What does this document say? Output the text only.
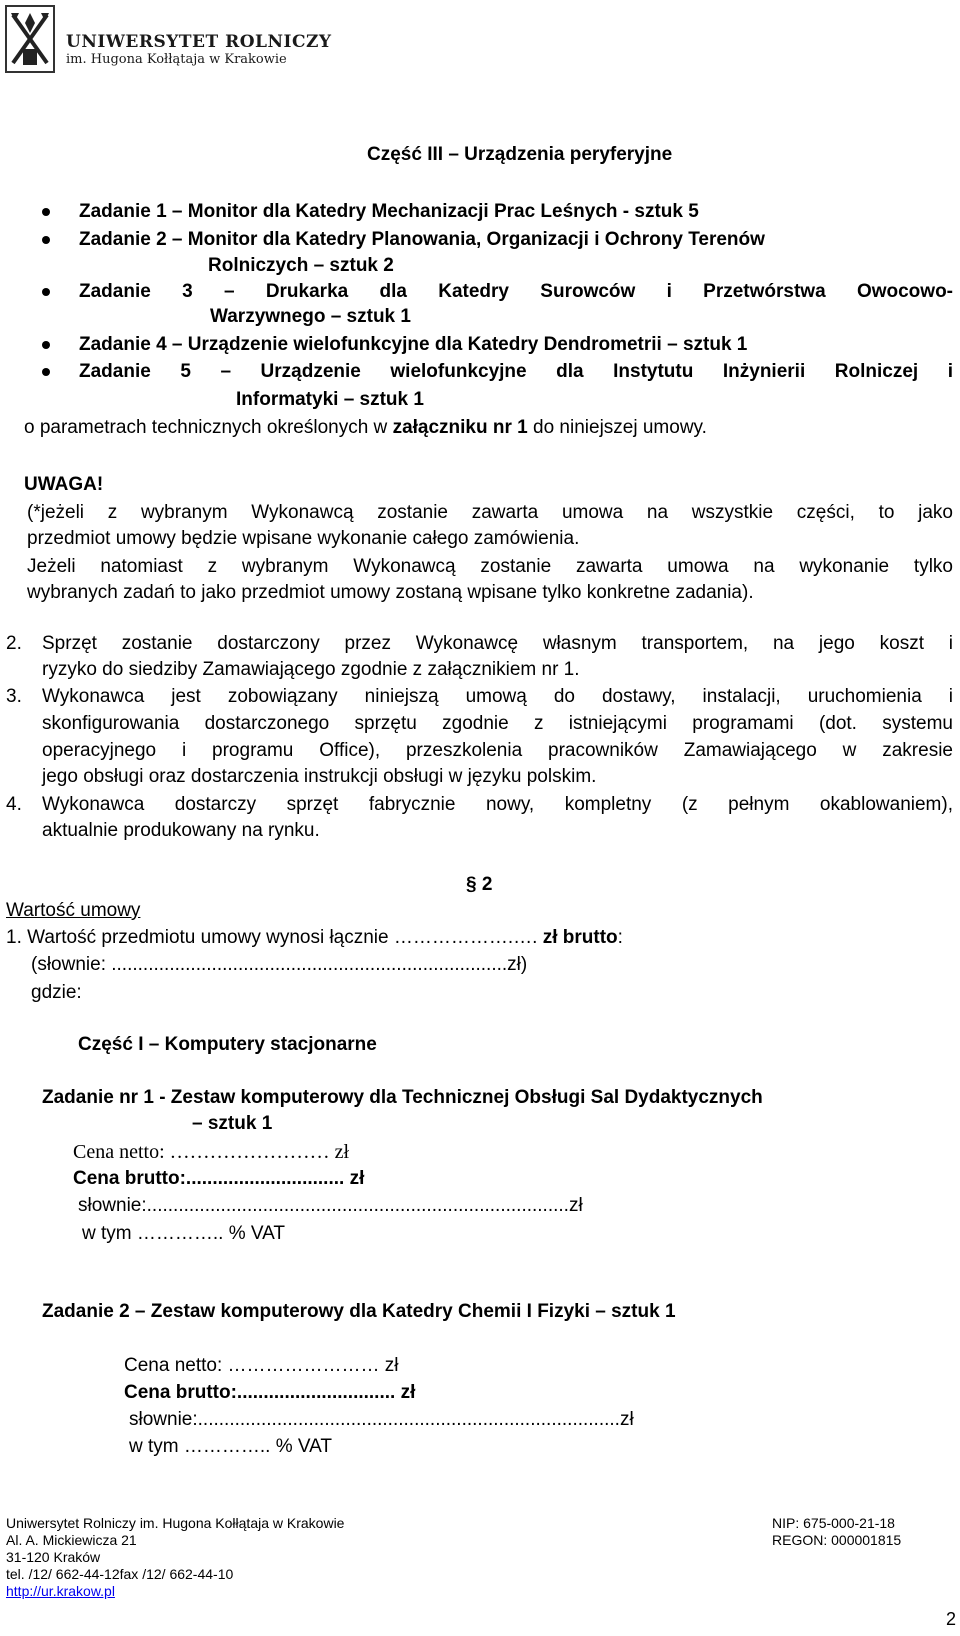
UNIWERSYTET ROLNICZY
im. Hugona Kołłątaja w Krakowie
Część III – Urządzenia peryferyjne
Zadanie 1 – Monitor dla Katedry Mechanizacji Prac Leśnych - sztuk 5
Zadanie 2 – Monitor dla Katedry Planowania, Organizacji i Ochrony Terenów
Rolniczych – sztuk 2
Zadanie 3 – Drukarka dla Katedry Surowców i Przetwórstwa Owocowo-
Warzywnego – sztuk 1
Zadanie 4 – Urządzenie wielofunkcyjne dla Katedry Dendrometrii – sztuk 1
Zadanie 5 – Urządzenie wielofunkcyjne dla Instytutu Inżynierii Rolniczej i
Informatyki – sztuk 1
o parametrach technicznych określonych w załączniku nr 1 do niniejszej umowy.
UWAGA!
(*jeżeli z wybranym Wykonawcą zostanie zawarta umowa na wszystkie części, to jako
przedmiot umowy będzie wpisane wykonanie całego zamówienia.
Jeżeli natomiast z wybranym Wykonawcą zostanie zawarta umowa na wykonanie tylko
wybranych zadań to jako przedmiot umowy zostaną wpisane tylko konkretne zadania).
2. Sprzęt zostanie dostarczony przez Wykonawcę własnym transportem, na jego koszt i
ryzyko do siedziby Zamawiającego zgodnie z załącznikiem nr 1.
3. Wykonawca jest zobowiązany niniejszą umową do dostawy, instalacji, uruchomienia i
skonfigurowania dostarczonego sprzętu zgodnie z istniejącymi programami (dot. systemu
operacyjnego i programu Office), przeszkolenia pracowników Zamawiającego w zakresie
jego obsługi oraz dostarczenia instrukcji obsługi w języku polskim.
4. Wykonawca dostarczy sprzęt fabrycznie nowy, kompletny (z pełnym okablowaniem),
aktualnie produkowany na rynku.
§ 2
Wartość umowy
1. Wartość przedmiotu umowy wynosi łącznie ……………….…. zł brutto:
(słownie: ...........................................................................zł)
gdzie:
Część I – Komputery stacjonarne
Zadanie nr 1 - Zestaw komputerowy dla Technicznej Obsługi Sal Dydaktycznych
– sztuk 1
Cena netto: …………………… zł
Cena brutto:.............................. zł
słownie:................................................................................zł
w tym ………….. % VAT
Zadanie 2 – Zestaw komputerowy dla Katedry Chemii I Fizyki – sztuk 1
Cena netto: …………………… zł
Cena brutto:.............................. zł
słownie:................................................................................zł
w tym ………….. % VAT
Uniwersytet Rolniczy im. Hugona Kołłątaja w Krakowie
Al. A. Mickiewicza 21
31-120 Kraków
tel. /12/ 662-44-12fax /12/ 662-44-10
http://ur.krakow.pl
NIP: 675-000-21-18
REGON: 000001815
2
